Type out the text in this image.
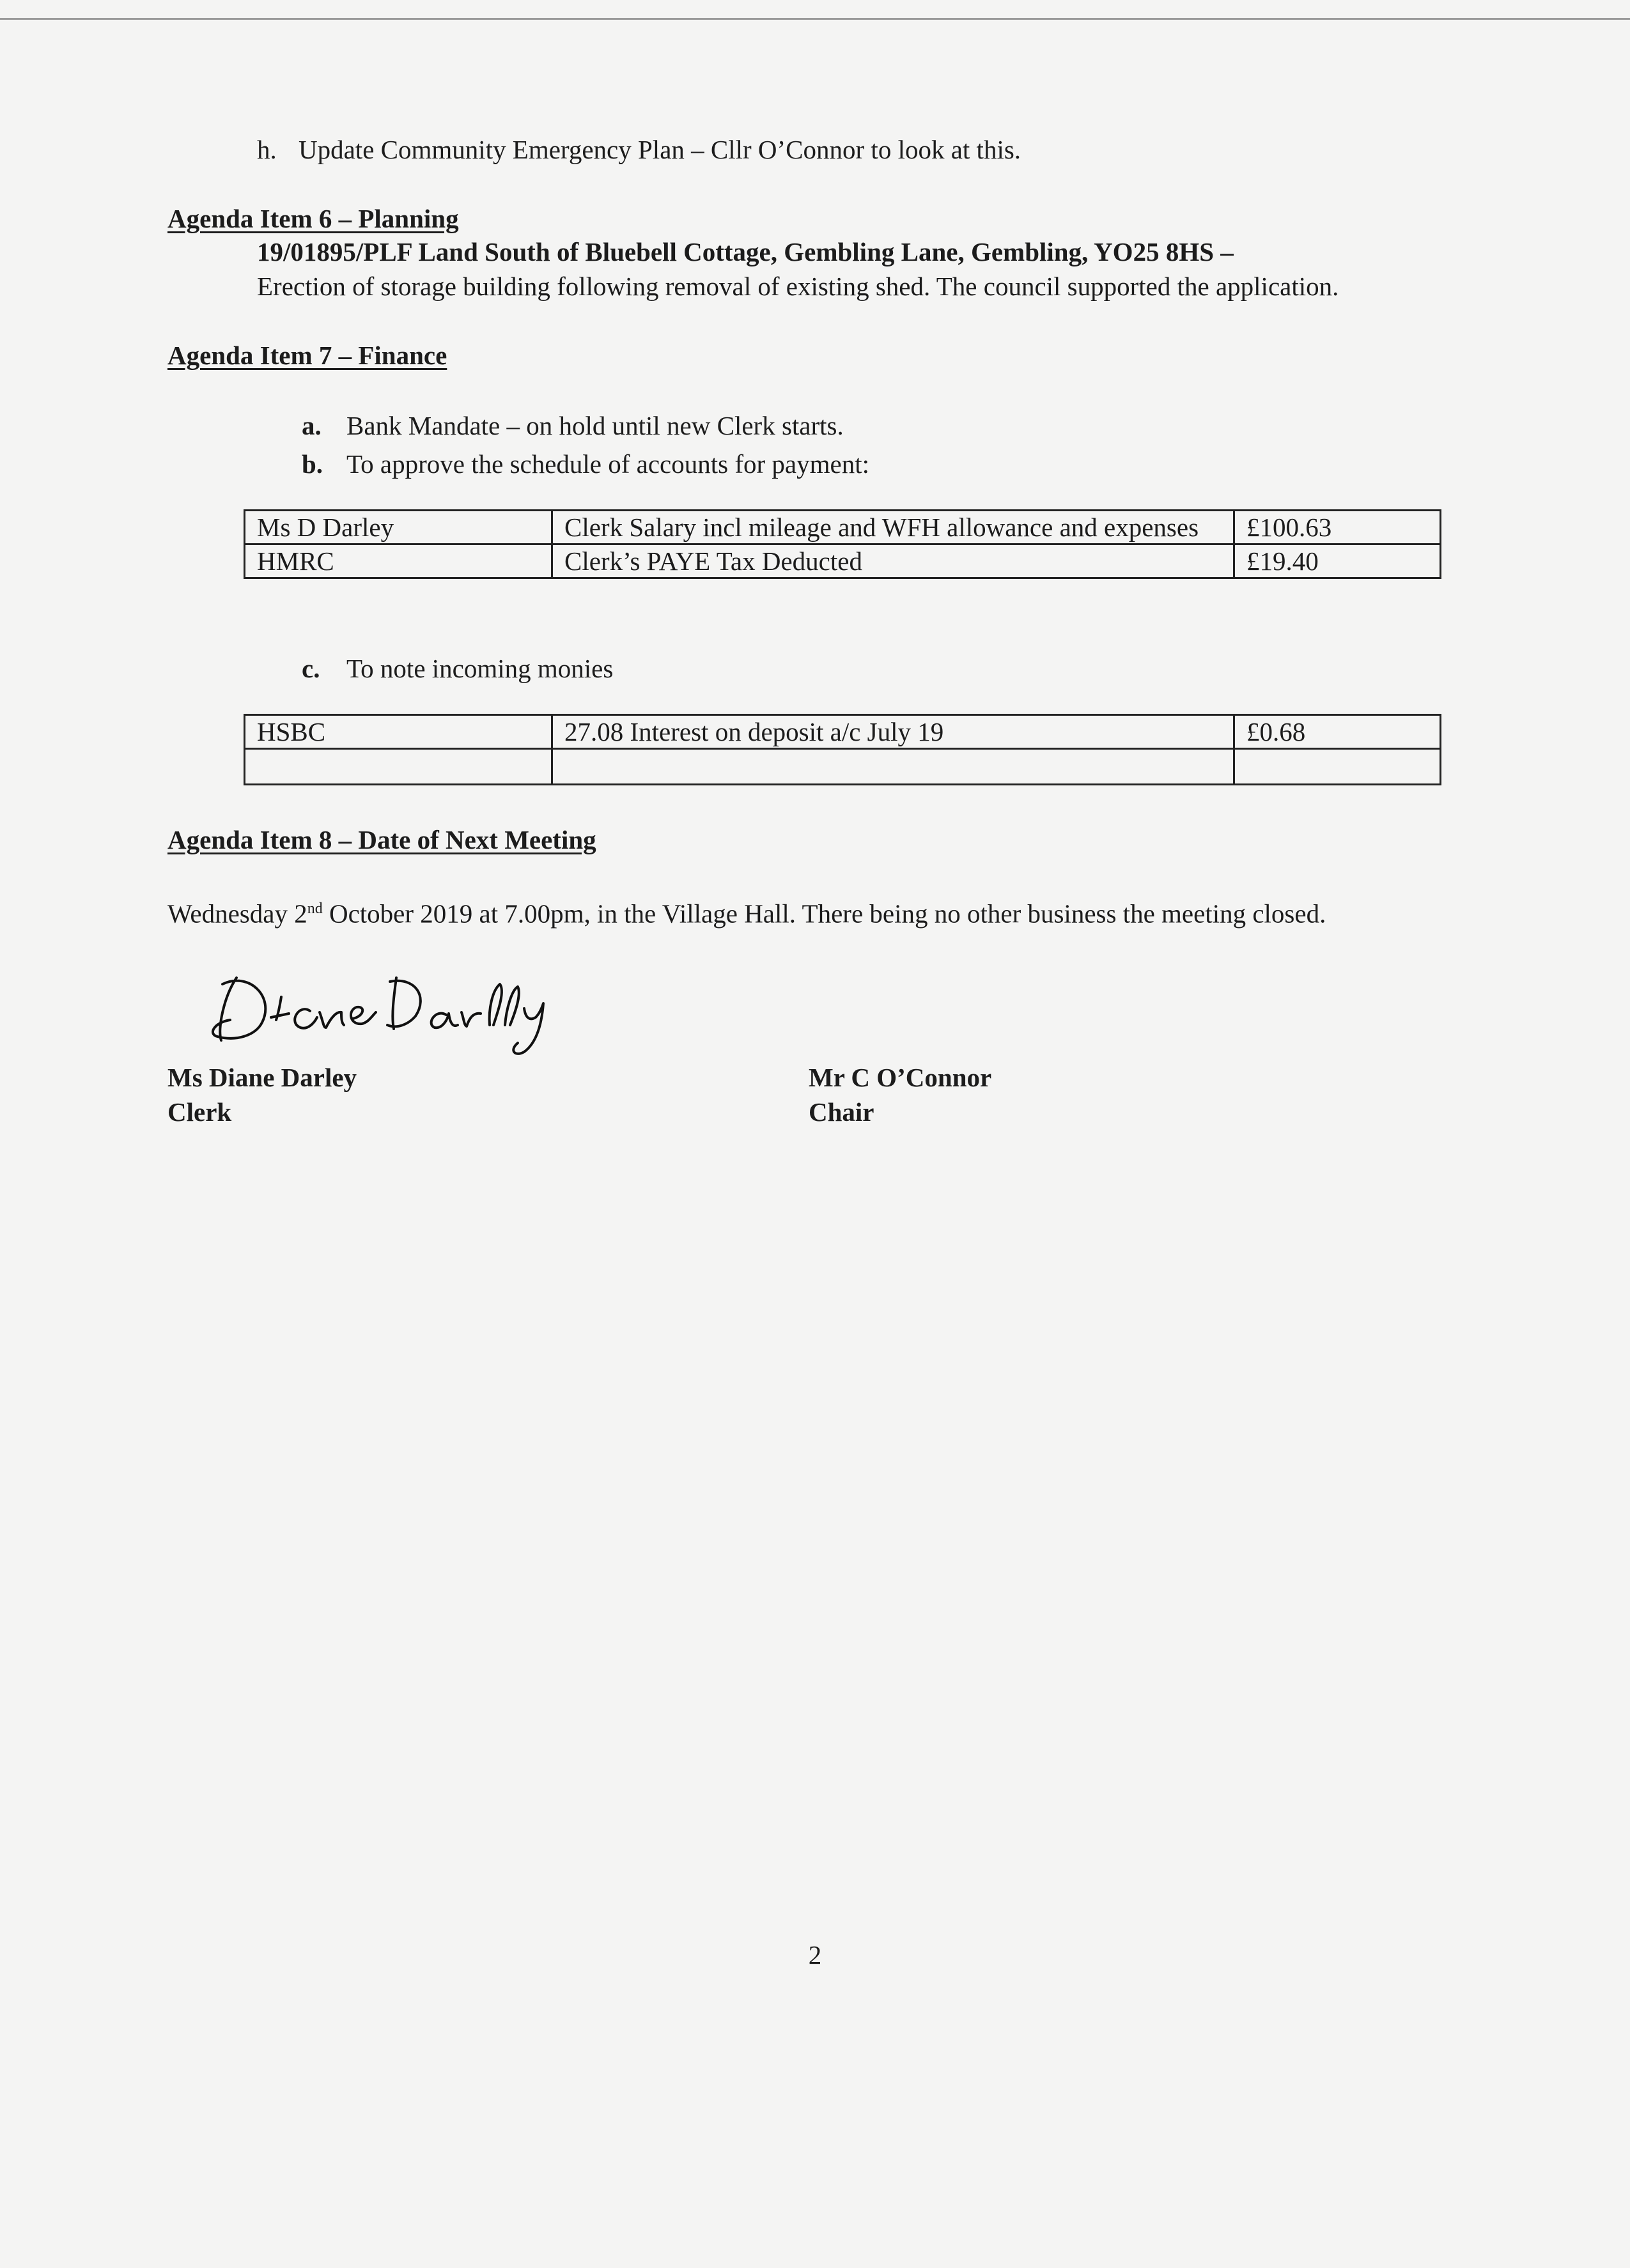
h. Update Community Emergency Plan – Cllr O’Connor to look at this.

Agenda Item 6 – Planning

19/01895/PLF Land South of Bluebell Cottage, Gembling Lane, Gembling, YO25 8HS –

Erection of storage building following removal of existing shed. The council supported the application.

Agenda Item 7 – Finance

a. Bank Mandate – on hold until new Clerk starts.

b. To approve the schedule of accounts for payment:

Ms D Darley	Clerk Salary incl mileage and WFH allowance and expenses	£100.63
HMRC	Clerk’s PAYE Tax Deducted	£19.40

c. To note incoming monies

HSBC	27.08 Interest on deposit a/c July 19	£0.68

Agenda Item 8 – Date of Next Meeting

Wednesday 2nd October 2019 at 7.00pm, in the Village Hall. There being no other business the meeting closed.

Ms Diane Darley

Clerk

Mr C O’Connor

Chair

2
